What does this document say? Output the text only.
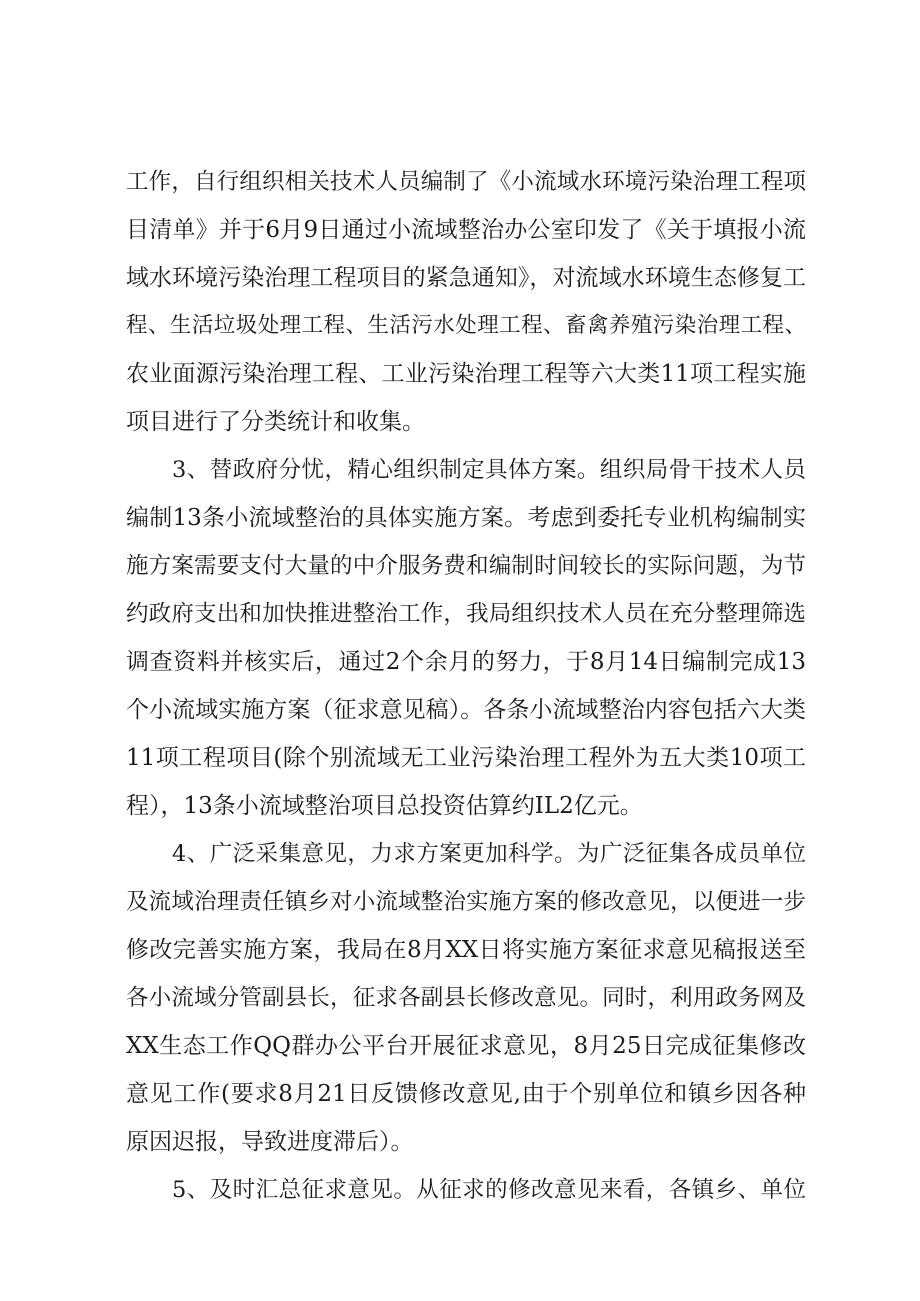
工作，自行组织相关技术人员编制了《小流域水环境污染治理工程项
目清单》并于6月9日通过小流域整治办公室印发了《关于填报小流
域水环境污染治理工程项目的紧急通知》，对流域水环境生态修复工
程、生活垃圾处理工程、生活污水处理工程、畜禽养殖污染治理工程、
农业面源污染治理工程、工业污染治理工程等六大类11项工程实施
项目进行了分类统计和收集。
3、替政府分忧，精心组织制定具体方案。组织局骨干技术人员
编制13条小流域整治的具体实施方案。考虑到委托专业机构编制实
施方案需要支付大量的中介服务费和编制时间较长的实际问题，为节
约政府支出和加快推进整治工作，我局组织技术人员在充分整理筛选
调查资料并核实后，通过2个余月的努力，于8月14日编制完成13
个小流域实施方案（征求意见稿）。各条小流域整治内容包括六大类
11项工程项目(除个别流域无工业污染治理工程外为五大类10项工
程），13条小流域整治项目总投资估算约IL2亿元。
4、广泛采集意见，力求方案更加科学。为广泛征集各成员单位
及流域治理责任镇乡对小流域整治实施方案的修改意见，以便进一步
修改完善实施方案，我局在8月XX日将实施方案征求意见稿报送至
各小流域分管副县长，征求各副县长修改意见。同时，利用政务网及
XX生态工作QQ群办公平台开展征求意见，8月25日完成征集修改
意见工作(要求8月21日反馈修改意见,由于个别单位和镇乡因各种
原因迟报，导致进度滞后）。
5、及时汇总征求意见。从征求的修改意见来看，各镇乡、单位
